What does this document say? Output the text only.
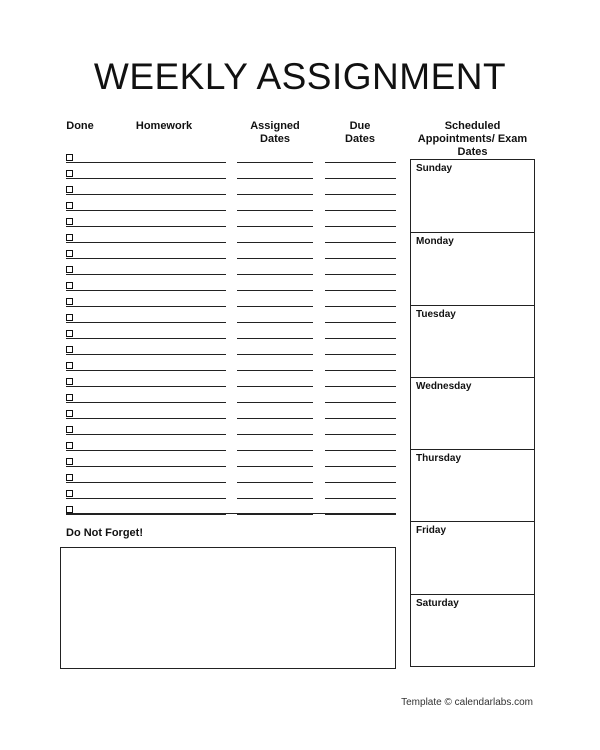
WEEKLY ASSIGNMENT
Done	Homework	Assigned
Dates
Due
Dates
Scheduled
Appointments/ Exam
Dates
Do Not Forget!
Sunday
Monday
Tuesday
Wednesday
Thursday
Friday
Saturday
Template © calendarlabs.com
